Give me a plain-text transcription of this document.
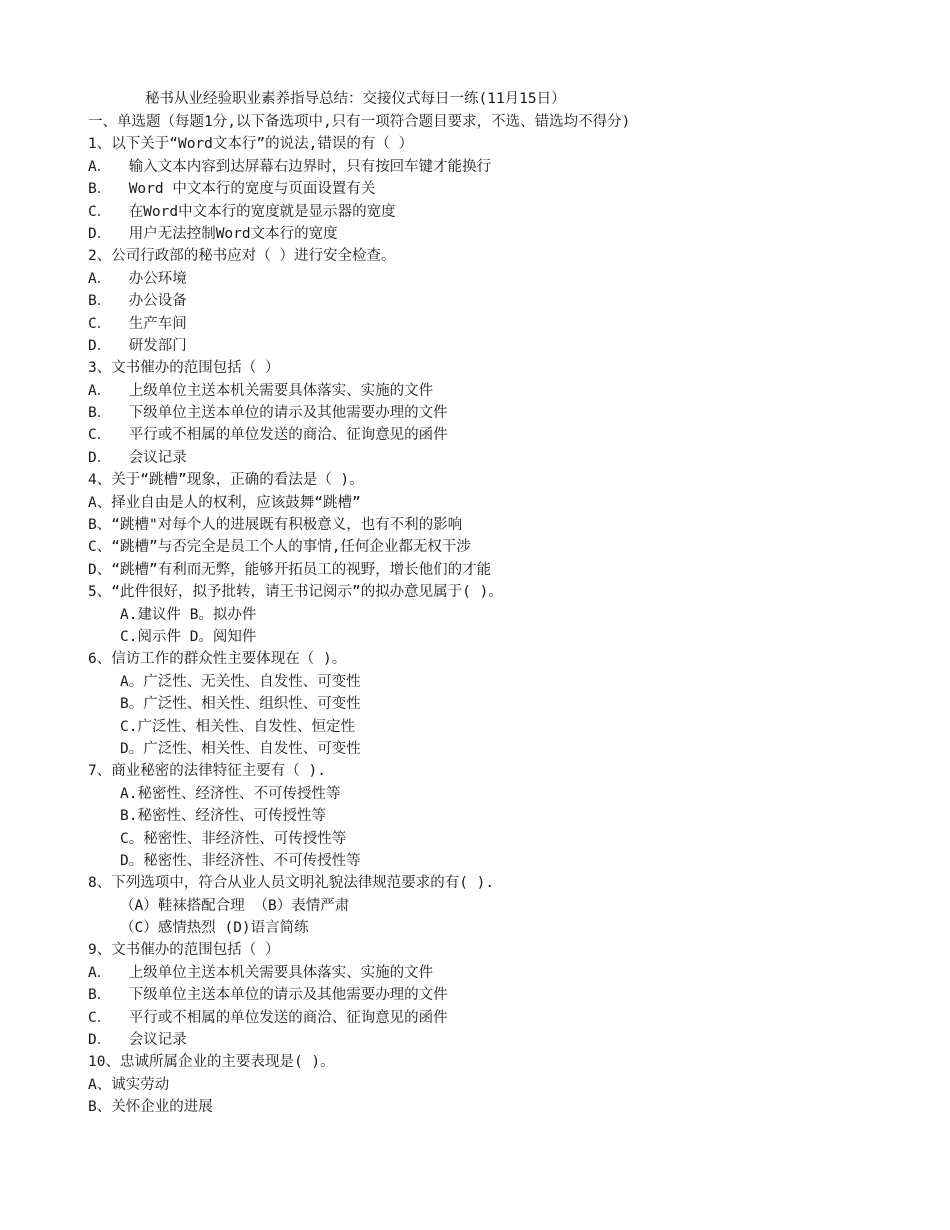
秘书从业经验职业素养指导总结：交接仪式每日一练(11月15日）
一、单选题（每题1分,以下备选项中,只有一项符合题目要求，不选、错选均不得分)
1、以下关于“Word文本行”的说法,错误的有（ ）
A．  输入文本内容到达屏幕右边界时，只有按回车键才能换行
B．  Word 中文本行的宽度与页面设置有关
C．  在Word中文本行的宽度就是显示器的宽度
D．  用户无法控制Word文本行的宽度
2、公司行政部的秘书应对（ ）进行安全检查。
A．  办公环境
B．  办公设备
C．  生产车间
D．  研发部门
3、文书催办的范围包括（ ）
A．  上级单位主送本机关需要具体落实、实施的文件
B．  下级单位主送本单位的请示及其他需要办理的文件
C．  平行或不相属的单位发送的商洽、征询意见的函件
D．  会议记录
4、关于“跳槽”现象，正确的看法是（ )。
A、择业自由是人的权利，应该鼓舞“跳槽”
B、“跳槽"对每个人的进展既有积极意义，也有不利的影响
C、“跳槽”与否完全是员工个人的事情,任何企业都无权干涉
D、“跳槽”有利而无弊，能够开拓员工的视野，增长他们的才能
5、“此件很好，拟予批转，请王书记阅示”的拟办意见属于( )。
A.建议件 B。拟办件
C.阅示件 D。阅知件
6、信访工作的群众性主要体现在（ )。
A。广泛性、无关性、自发性、可变性
B。广泛性、相关性、组织性、可变性
C.广泛性、相关性、自发性、恒定性
D。广泛性、相关性、自发性、可变性
7、商业秘密的法律特征主要有（ ).
A.秘密性、经济性、不可传授性等
B.秘密性、经济性、可传授性等
C。秘密性、非经济性、可传授性等
D。秘密性、非经济性、不可传授性等
8、下列选项中，符合从业人员文明礼貌法律规范要求的有( ).
（A）鞋袜搭配合理 （B）表情严肃
（C）感情热烈 (D)语言简练
9、文书催办的范围包括（ ）
A．  上级单位主送本机关需要具体落实、实施的文件
B．  下级单位主送本单位的请示及其他需要办理的文件
C．  平行或不相属的单位发送的商洽、征询意见的函件
D．  会议记录
10、忠诚所属企业的主要表现是( )。
A、诚实劳动
B、关怀企业的进展
